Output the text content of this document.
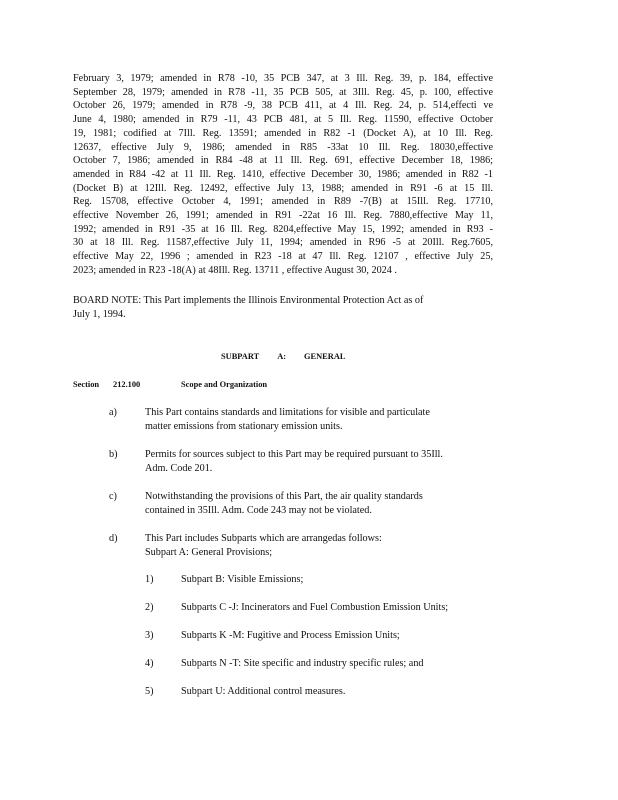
February 3, 1979; amended in R78 -10, 35 PCB 347, at 3 Ill. Reg. 39, p. 184, effective
September 28, 1979; amended in R78 -11, 35 PCB 505, at 3Ill. Reg. 45, p. 100, effective
October 26, 1979; amended in R78 -9, 38 PCB 411, at 4 Ill. Reg. 24, p. 514,effecti ve
June 4, 1980; amended in R79 -11, 43 PCB 481, at 5 Ill. Reg. 11590, effective October
19, 1981; codified at 7Ill. Reg. 13591; amended in R82 -1 (Docket A), at 10 Ill. Reg.
12637, effective July 9, 1986; amended in R85 -33at 10 Ill. Reg. 18030,effective
October 7, 1986; amended in R84 -48 at 11 Ill. Reg. 691, effective December 18, 1986;
amended in R84 -42 at 11 Ill. Reg. 1410, effective December 30, 1986; amended in R82 -1
(Docket B) at 12Ill. Reg. 12492, effective July 13, 1988; amended in R91 -6 at 15 Ill.
Reg. 15708, effective October 4, 1991; amended in R89 -7(B) at 15Ill. Reg. 17710,
effective November 26, 1991; amended in R91 -22at 16 Ill. Reg. 7880,effective May 11,
1992; amended in R91 -35 at 16 Ill. Reg. 8204,effective May 15, 1992; amended in R93 -
30 at 18 Ill. Reg. 11587,effective July 11, 1994; amended in R96 -5 at 20Ill. Reg.7605,
effective May 22, 1996 ; amended in R23 -18 at 47 Ill. Reg. 12107 , effective July 25,
2023; amended in R23 -18(A) at 48Ill. Reg. 13711 , effective August 30, 2024 .
BOARD NOTE: This Part implements the Illinois Environmental Protection Act as of
July 1, 1994.
SUBPART A: GENERAL
Section 212.100	Scope and Organization
a)	This Part contains standards and limitations for visible and particulate
matter emissions from stationary emission units.
b)	Permits for sources subject to this Part may be required pursuant to 35Ill.
Adm. Code 201.
c)	Notwithstanding the provisions of this Part, the air quality standards
contained in 35Ill. Adm. Code 243 may not be violated.
d)	This Part includes Subparts which are arrangedas follows:
Subpart A: General Provisions;
1)	Subpart B: Visible Emissions;
2)	Subparts C -J: Incinerators and Fuel Combustion Emission Units;
3)	Subparts K -M: Fugitive and Process Emission Units;
4)	Subparts N -T: Site specific and industry specific rules; and
5)	Subpart U: Additional control measures.
